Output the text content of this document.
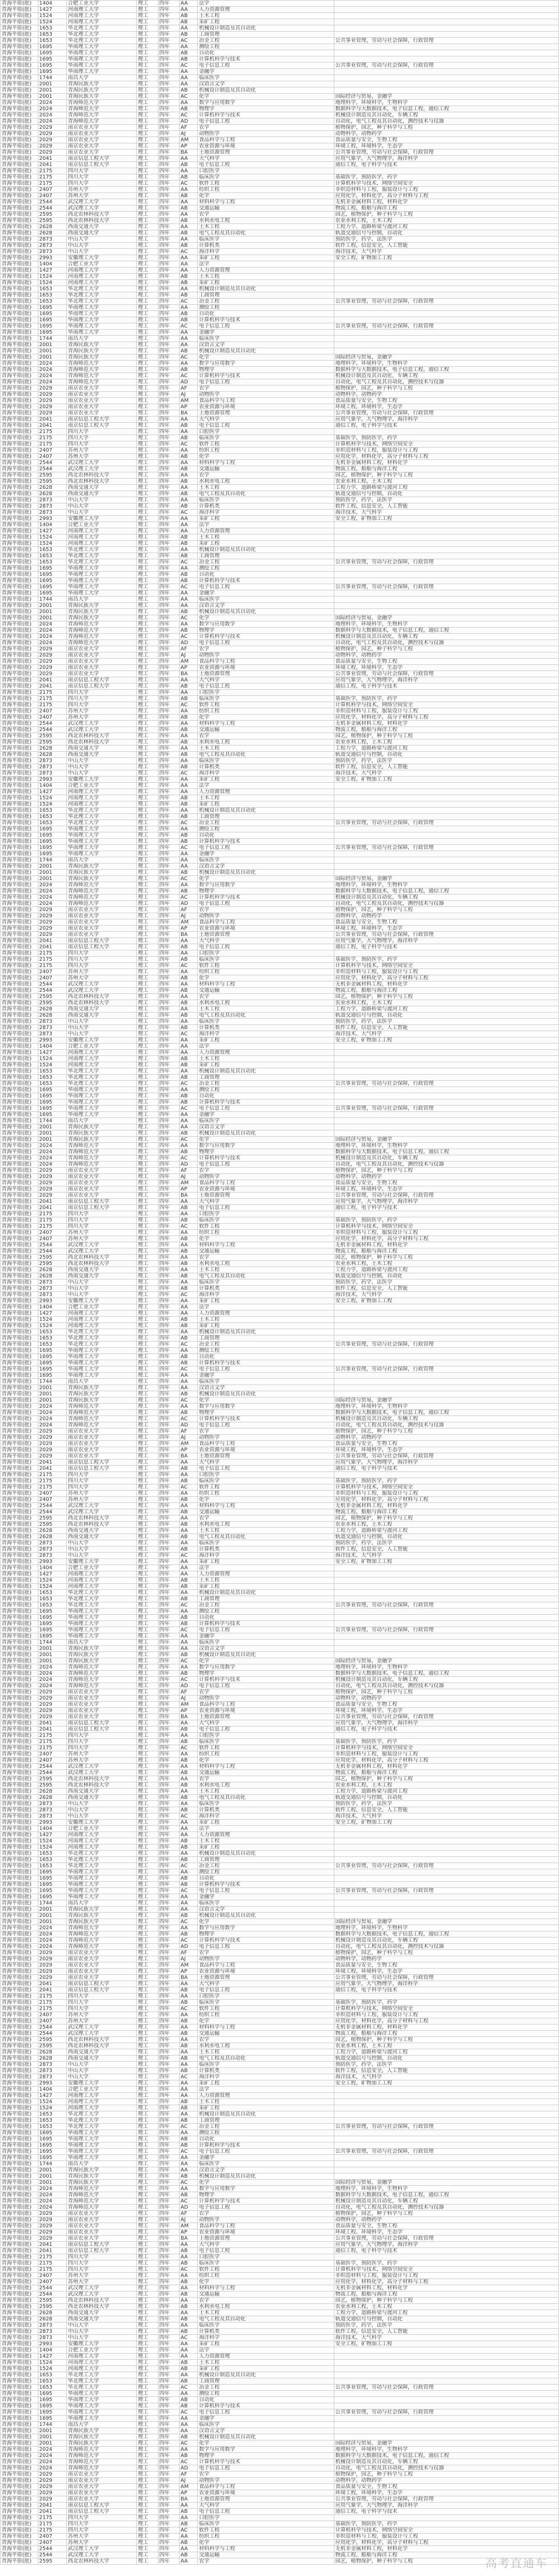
青海平原(批)	1404	合肥工业大学	理工	四年	AA	法学	
青海平原(批)	1427	河南理工大学	理工	四年	AA	人力资源管理	
青海平原(批)	1524	河南理工大学	理工	四年	AB	土木工程	
青海平原(批)	1524	河南理工大学	理工	四年	AB	采矿工程	
青海平原(批)	1653	华北理工大学	理工	四年	AA	机械设计制造及其自动化	
青海平原(批)	1653	华北理工大学	理工	四年	AB	工商管理	
青海平原(批)	1653	华北理工大学	理工	四年	AC	冶金工程	公共事业管理，劳动与社会保障，行政管理
青海平原(批)	1695	华南理工大学	理工	四年	AA	测绘工程	
青海平原(批)	1695	华南理工大学	理工	四年	AB	自动化	
青海平原(批)	1695	华南理工大学	理工	四年	AB	计算机科学与技术	
青海平原(批)	1695	华南理工大学	理工	四年	AC	电子信息工程	公共事业管理，劳动与社会保障，行政管理
青海平原(批)	1695	华南理工大学	理工	四年	AA	金融学	
青海平原(批)	1744	南昌大学	理工	四年	AA	临床医学	
青海平原(批)	2001	青海民族大学	理工	四年	AA	汉语言文学	
青海平原(批)	2001	青海民族大学	理工	四年	AB	机械设计制造及其自动化	
青海平原(批)	2001	青海民族大学	理工	四年	AC	化学	国际经济与贸易，金融学
青海平原(批)	2024	青海师范大学	理工	四年	AA	数学与应用数学	地理科学，环境科学，生物科学
青海平原(批)	2024	青海师范大学	理工	四年	AB	物理学	数据科学与大数据技术，电子信息工程，通信工程
青海平原(批)	2024	青海师范大学	理工	四年	AC	计算机科学与技术	机械设计制造及其自动化，车辆工程
青海平原(批)	2024	青海师范大学	理工	四年	AD	电子信息工程	自动化，电气工程及其自动化，测控技术与仪器
青海平原(批)	2029	南京农业大学	理工	四年	AF	农学	植物保护，园艺，种子科学与工程
青海平原(批)	2029	南京农业大学	理工	四年	AJ	动物医学	动物科学，动物药学
青海平原(批)	2029	南京农业大学	理工	四年	AM	食品科学与工程	食品质量与安全，生物工程
青海平原(批)	2029	南京农业大学	理工	四年	AP	农业资源与环境	环境工程，环境科学，生态学
青海平原(批)	2029	南京农业大学	理工	四年	BA	土地资源管理	公共事业管理，劳动与社会保障，行政管理
青海平原(批)	2041	南京信息工程大学	理工	四年	AA	大气科学	应用气象学，大气物理学，海洋科学
青海平原(批)	2041	南京信息工程大学	理工	四年	AB	电子信息工程	通信工程，电子科学与技术
青海平原(批)	2175	四川大学	理工	四年	AA	口腔医学	
青海平原(批)	2175	四川大学	理工	四年	AB	临床医学	基础医学，预防医学，药学
青海平原(批)	2175	四川大学	理工	四年	AC	软件工程	计算机科学与技术，网络空间安全
青海平原(批)	2407	苏州大学	理工	四年	AA	纺织工程	非织造材料与工程，服装设计与工程
青海平原(批)	2407	苏州大学	理工	四年	AB	化学	应用化学，材料化学，高分子材料与工程
青海平原(批)	2544	武汉理工大学	理工	四年	AA	材料科学与工程	无机非金属材料工程，材料化学
青海平原(批)	2544	武汉理工大学	理工	四年	AB	交通运输	物流工程，船舶与海洋工程
青海平原(批)	2595	西北农林科技大学	理工	四年	AA	农学	园艺，植物保护，种子科学与工程
青海平原(批)	2595	西北农林科技大学	理工	四年	AB	水利水电工程	农业水利工程，土木工程
青海平原(批)	2628	西南交通大学	理工	四年	AA	土木工程	工程力学，道路桥梁与渡河工程
青海平原(批)	2628	西南交通大学	理工	四年	AB	电气工程及其自动化	轨道交通信号与控制，自动化
青海平原(批)	2873	中山大学	理工	四年	AA	临床医学	预防医学，药学，法医学
青海平原(批)	2873	中山大学	理工	四年	AB	计算机类	软件工程，信息安全，人工智能
青海平原(批)	2873	中山大学	理工	四年	AC	海洋科学	海洋技术，大气科学
青海平原(批)	2993	安徽理工大学	理工	四年	AA	采矿工程	安全工程，矿物加工工程
青海平原(批)	1404	合肥工业大学	理工	四年	AA	法学	
青海平原(批)	1427	河南理工大学	理工	四年	AA	人力资源管理	
青海平原(批)	1524	河南理工大学	理工	四年	AB	土木工程	
青海平原(批)	1524	河南理工大学	理工	四年	AB	采矿工程	
青海平原(批)	1653	华北理工大学	理工	四年	AA	机械设计制造及其自动化	
青海平原(批)	1653	华北理工大学	理工	四年	AB	工商管理	
青海平原(批)	1653	华北理工大学	理工	四年	AC	冶金工程	公共事业管理，劳动与社会保障，行政管理
青海平原(批)	1695	华南理工大学	理工	四年	AA	测绘工程	
青海平原(批)	1695	华南理工大学	理工	四年	AB	自动化	
青海平原(批)	1695	华南理工大学	理工	四年	AB	计算机科学与技术	
青海平原(批)	1695	华南理工大学	理工	四年	AC	电子信息工程	公共事业管理，劳动与社会保障，行政管理
青海平原(批)	1695	华南理工大学	理工	四年	AA	金融学	
青海平原(批)	1744	南昌大学	理工	四年	AA	临床医学	
青海平原(批)	2001	青海民族大学	理工	四年	AA	汉语言文学	
青海平原(批)	2001	青海民族大学	理工	四年	AB	机械设计制造及其自动化	
青海平原(批)	2001	青海民族大学	理工	四年	AC	化学	国际经济与贸易，金融学
青海平原(批)	2024	青海师范大学	理工	四年	AA	数学与应用数学	地理科学，环境科学，生物科学
青海平原(批)	2024	青海师范大学	理工	四年	AB	物理学	数据科学与大数据技术，电子信息工程，通信工程
青海平原(批)	2024	青海师范大学	理工	四年	AC	计算机科学与技术	机械设计制造及其自动化，车辆工程
青海平原(批)	2024	青海师范大学	理工	四年	AD	电子信息工程	自动化，电气工程及其自动化，测控技术与仪器
青海平原(批)	2029	南京农业大学	理工	四年	AF	农学	植物保护，园艺，种子科学与工程
青海平原(批)	2029	南京农业大学	理工	四年	AJ	动物医学	动物科学，动物药学
青海平原(批)	2029	南京农业大学	理工	四年	AM	食品科学与工程	食品质量与安全，生物工程
青海平原(批)	2029	南京农业大学	理工	四年	AP	农业资源与环境	环境工程，环境科学，生态学
青海平原(批)	2029	南京农业大学	理工	四年	BA	土地资源管理	公共事业管理，劳动与社会保障，行政管理
青海平原(批)	2041	南京信息工程大学	理工	四年	AA	大气科学	应用气象学，大气物理学，海洋科学
青海平原(批)	2041	南京信息工程大学	理工	四年	AB	电子信息工程	通信工程，电子科学与技术
青海平原(批)	2175	四川大学	理工	四年	AA	口腔医学	
青海平原(批)	2175	四川大学	理工	四年	AB	临床医学	基础医学，预防医学，药学
青海平原(批)	2175	四川大学	理工	四年	AC	软件工程	计算机科学与技术，网络空间安全
青海平原(批)	2407	苏州大学	理工	四年	AA	纺织工程	非织造材料与工程，服装设计与工程
青海平原(批)	2407	苏州大学	理工	四年	AB	化学	应用化学，材料化学，高分子材料与工程
青海平原(批)	2544	武汉理工大学	理工	四年	AA	材料科学与工程	无机非金属材料工程，材料化学
青海平原(批)	2544	武汉理工大学	理工	四年	AB	交通运输	物流工程，船舶与海洋工程
青海平原(批)	2595	西北农林科技大学	理工	四年	AA	农学	园艺，植物保护，种子科学与工程
青海平原(批)	2595	西北农林科技大学	理工	四年	AB	水利水电工程	农业水利工程，土木工程
青海平原(批)	2628	西南交通大学	理工	四年	AA	土木工程	工程力学，道路桥梁与渡河工程
青海平原(批)	2628	西南交通大学	理工	四年	AB	电气工程及其自动化	轨道交通信号与控制，自动化
青海平原(批)	2873	中山大学	理工	四年	AA	临床医学	预防医学，药学，法医学
青海平原(批)	2873	中山大学	理工	四年	AB	计算机类	软件工程，信息安全，人工智能
青海平原(批)	2873	中山大学	理工	四年	AC	海洋科学	海洋技术，大气科学
青海平原(批)	2993	安徽理工大学	理工	四年	AA	采矿工程	安全工程，矿物加工工程
青海平原(批)	1404	合肥工业大学	理工	四年	AA	法学	
青海平原(批)	1427	河南理工大学	理工	四年	AA	人力资源管理	
青海平原(批)	1524	河南理工大学	理工	四年	AB	土木工程	
青海平原(批)	1524	河南理工大学	理工	四年	AB	采矿工程	
青海平原(批)	1653	华北理工大学	理工	四年	AA	机械设计制造及其自动化	
青海平原(批)	1653	华北理工大学	理工	四年	AB	工商管理	
青海平原(批)	1653	华北理工大学	理工	四年	AC	冶金工程	公共事业管理，劳动与社会保障，行政管理
青海平原(批)	1695	华南理工大学	理工	四年	AA	测绘工程	
青海平原(批)	1695	华南理工大学	理工	四年	AB	自动化	
青海平原(批)	1695	华南理工大学	理工	四年	AB	计算机科学与技术	
青海平原(批)	1695	华南理工大学	理工	四年	AC	电子信息工程	公共事业管理，劳动与社会保障，行政管理
青海平原(批)	1695	华南理工大学	理工	四年	AA	金融学	
青海平原(批)	1744	南昌大学	理工	四年	AA	临床医学	
青海平原(批)	2001	青海民族大学	理工	四年	AA	汉语言文学	
青海平原(批)	2001	青海民族大学	理工	四年	AB	机械设计制造及其自动化	
青海平原(批)	2001	青海民族大学	理工	四年	AC	化学	国际经济与贸易，金融学
青海平原(批)	2024	青海师范大学	理工	四年	AA	数学与应用数学	地理科学，环境科学，生物科学
青海平原(批)	2024	青海师范大学	理工	四年	AB	物理学	数据科学与大数据技术，电子信息工程，通信工程
青海平原(批)	2024	青海师范大学	理工	四年	AC	计算机科学与技术	机械设计制造及其自动化，车辆工程
青海平原(批)	2024	青海师范大学	理工	四年	AD	电子信息工程	自动化，电气工程及其自动化，测控技术与仪器
青海平原(批)	2029	南京农业大学	理工	四年	AF	农学	植物保护，园艺，种子科学与工程
青海平原(批)	2029	南京农业大学	理工	四年	AJ	动物医学	动物科学，动物药学
青海平原(批)	2029	南京农业大学	理工	四年	AM	食品科学与工程	食品质量与安全，生物工程
青海平原(批)	2029	南京农业大学	理工	四年	AP	农业资源与环境	环境工程，环境科学，生态学
青海平原(批)	2029	南京农业大学	理工	四年	BA	土地资源管理	公共事业管理，劳动与社会保障，行政管理
青海平原(批)	2041	南京信息工程大学	理工	四年	AA	大气科学	应用气象学，大气物理学，海洋科学
青海平原(批)	2041	南京信息工程大学	理工	四年	AB	电子信息工程	通信工程，电子科学与技术
青海平原(批)	2175	四川大学	理工	四年	AA	口腔医学	
青海平原(批)	2175	四川大学	理工	四年	AB	临床医学	基础医学，预防医学，药学
青海平原(批)	2175	四川大学	理工	四年	AC	软件工程	计算机科学与技术，网络空间安全
青海平原(批)	2407	苏州大学	理工	四年	AA	纺织工程	非织造材料与工程，服装设计与工程
青海平原(批)	2407	苏州大学	理工	四年	AB	化学	应用化学，材料化学，高分子材料与工程
青海平原(批)	2544	武汉理工大学	理工	四年	AA	材料科学与工程	无机非金属材料工程，材料化学
青海平原(批)	2544	武汉理工大学	理工	四年	AB	交通运输	物流工程，船舶与海洋工程
青海平原(批)	2595	西北农林科技大学	理工	四年	AA	农学	园艺，植物保护，种子科学与工程
青海平原(批)	2595	西北农林科技大学	理工	四年	AB	水利水电工程	农业水利工程，土木工程
青海平原(批)	2628	西南交通大学	理工	四年	AA	土木工程	工程力学，道路桥梁与渡河工程
青海平原(批)	2628	西南交通大学	理工	四年	AB	电气工程及其自动化	轨道交通信号与控制，自动化
青海平原(批)	2873	中山大学	理工	四年	AA	临床医学	预防医学，药学，法医学
青海平原(批)	2873	中山大学	理工	四年	AB	计算机类	软件工程，信息安全，人工智能
青海平原(批)	2873	中山大学	理工	四年	AC	海洋科学	海洋技术，大气科学
青海平原(批)	2993	安徽理工大学	理工	四年	AA	采矿工程	安全工程，矿物加工工程
青海平原(批)	1404	合肥工业大学	理工	四年	AA	法学	
青海平原(批)	1427	河南理工大学	理工	四年	AA	人力资源管理	
青海平原(批)	1524	河南理工大学	理工	四年	AB	土木工程	
青海平原(批)	1524	河南理工大学	理工	四年	AB	采矿工程	
青海平原(批)	1653	华北理工大学	理工	四年	AA	机械设计制造及其自动化	
青海平原(批)	1653	华北理工大学	理工	四年	AB	工商管理	
青海平原(批)	1653	华北理工大学	理工	四年	AC	冶金工程	公共事业管理，劳动与社会保障，行政管理
青海平原(批)	1695	华南理工大学	理工	四年	AA	测绘工程	
青海平原(批)	1695	华南理工大学	理工	四年	AB	自动化	
青海平原(批)	1695	华南理工大学	理工	四年	AB	计算机科学与技术	
青海平原(批)	1695	华南理工大学	理工	四年	AC	电子信息工程	公共事业管理，劳动与社会保障，行政管理
青海平原(批)	1695	华南理工大学	理工	四年	AA	金融学	
青海平原(批)	1744	南昌大学	理工	四年	AA	临床医学	
青海平原(批)	2001	青海民族大学	理工	四年	AA	汉语言文学	
青海平原(批)	2001	青海民族大学	理工	四年	AB	机械设计制造及其自动化	
青海平原(批)	2001	青海民族大学	理工	四年	AC	化学	国际经济与贸易，金融学
青海平原(批)	2024	青海师范大学	理工	四年	AA	数学与应用数学	地理科学，环境科学，生物科学
青海平原(批)	2024	青海师范大学	理工	四年	AB	物理学	数据科学与大数据技术，电子信息工程，通信工程
青海平原(批)	2024	青海师范大学	理工	四年	AC	计算机科学与技术	机械设计制造及其自动化，车辆工程
青海平原(批)	2024	青海师范大学	理工	四年	AD	电子信息工程	自动化，电气工程及其自动化，测控技术与仪器
青海平原(批)	2029	南京农业大学	理工	四年	AF	农学	植物保护，园艺，种子科学与工程
青海平原(批)	2029	南京农业大学	理工	四年	AJ	动物医学	动物科学，动物药学
青海平原(批)	2029	南京农业大学	理工	四年	AM	食品科学与工程	食品质量与安全，生物工程
青海平原(批)	2029	南京农业大学	理工	四年	AP	农业资源与环境	环境工程，环境科学，生态学
青海平原(批)	2029	南京农业大学	理工	四年	BA	土地资源管理	公共事业管理，劳动与社会保障，行政管理
青海平原(批)	2041	南京信息工程大学	理工	四年	AA	大气科学	应用气象学，大气物理学，海洋科学
青海平原(批)	2041	南京信息工程大学	理工	四年	AB	电子信息工程	通信工程，电子科学与技术
青海平原(批)	2175	四川大学	理工	四年	AA	口腔医学	
青海平原(批)	2175	四川大学	理工	四年	AB	临床医学	基础医学，预防医学，药学
青海平原(批)	2175	四川大学	理工	四年	AC	软件工程	计算机科学与技术，网络空间安全
青海平原(批)	2407	苏州大学	理工	四年	AA	纺织工程	非织造材料与工程，服装设计与工程
青海平原(批)	2407	苏州大学	理工	四年	AB	化学	应用化学，材料化学，高分子材料与工程
青海平原(批)	2544	武汉理工大学	理工	四年	AA	材料科学与工程	无机非金属材料工程，材料化学
青海平原(批)	2544	武汉理工大学	理工	四年	AB	交通运输	物流工程，船舶与海洋工程
青海平原(批)	2595	西北农林科技大学	理工	四年	AA	农学	园艺，植物保护，种子科学与工程
青海平原(批)	2595	西北农林科技大学	理工	四年	AB	水利水电工程	农业水利工程，土木工程
青海平原(批)	2628	西南交通大学	理工	四年	AA	土木工程	工程力学，道路桥梁与渡河工程
青海平原(批)	2628	西南交通大学	理工	四年	AB	电气工程及其自动化	轨道交通信号与控制，自动化
青海平原(批)	2873	中山大学	理工	四年	AA	临床医学	预防医学，药学，法医学
青海平原(批)	2873	中山大学	理工	四年	AB	计算机类	软件工程，信息安全，人工智能
青海平原(批)	2873	中山大学	理工	四年	AC	海洋科学	海洋技术，大气科学
青海平原(批)	2993	安徽理工大学	理工	四年	AA	采矿工程	安全工程，矿物加工工程
青海平原(批)	1404	合肥工业大学	理工	四年	AA	法学	
青海平原(批)	1427	河南理工大学	理工	四年	AA	人力资源管理	
青海平原(批)	1524	河南理工大学	理工	四年	AB	土木工程	
青海平原(批)	1524	河南理工大学	理工	四年	AB	采矿工程	
青海平原(批)	1653	华北理工大学	理工	四年	AA	机械设计制造及其自动化	
青海平原(批)	1653	华北理工大学	理工	四年	AB	工商管理	
青海平原(批)	1653	华北理工大学	理工	四年	AC	冶金工程	公共事业管理，劳动与社会保障，行政管理
青海平原(批)	1695	华南理工大学	理工	四年	AA	测绘工程	
青海平原(批)	1695	华南理工大学	理工	四年	AB	自动化	
青海平原(批)	1695	华南理工大学	理工	四年	AB	计算机科学与技术	
青海平原(批)	1695	华南理工大学	理工	四年	AC	电子信息工程	公共事业管理，劳动与社会保障，行政管理
青海平原(批)	1695	华南理工大学	理工	四年	AA	金融学	
青海平原(批)	1744	南昌大学	理工	四年	AA	临床医学	
青海平原(批)	2001	青海民族大学	理工	四年	AA	汉语言文学	
青海平原(批)	2001	青海民族大学	理工	四年	AB	机械设计制造及其自动化	
青海平原(批)	2001	青海民族大学	理工	四年	AC	化学	国际经济与贸易，金融学
青海平原(批)	2024	青海师范大学	理工	四年	AA	数学与应用数学	地理科学，环境科学，生物科学
青海平原(批)	2024	青海师范大学	理工	四年	AB	物理学	数据科学与大数据技术，电子信息工程，通信工程
青海平原(批)	2024	青海师范大学	理工	四年	AC	计算机科学与技术	机械设计制造及其自动化，车辆工程
青海平原(批)	2024	青海师范大学	理工	四年	AD	电子信息工程	自动化，电气工程及其自动化，测控技术与仪器
青海平原(批)	2029	南京农业大学	理工	四年	AF	农学	植物保护，园艺，种子科学与工程
青海平原(批)	2029	南京农业大学	理工	四年	AJ	动物医学	动物科学，动物药学
青海平原(批)	2029	南京农业大学	理工	四年	AM	食品科学与工程	食品质量与安全，生物工程
青海平原(批)	2029	南京农业大学	理工	四年	AP	农业资源与环境	环境工程，环境科学，生态学
青海平原(批)	2029	南京农业大学	理工	四年	BA	土地资源管理	公共事业管理，劳动与社会保障，行政管理
青海平原(批)	2041	南京信息工程大学	理工	四年	AA	大气科学	应用气象学，大气物理学，海洋科学
青海平原(批)	2041	南京信息工程大学	理工	四年	AB	电子信息工程	通信工程，电子科学与技术
青海平原(批)	2175	四川大学	理工	四年	AA	口腔医学	
青海平原(批)	2175	四川大学	理工	四年	AB	临床医学	基础医学，预防医学，药学
青海平原(批)	2175	四川大学	理工	四年	AC	软件工程	计算机科学与技术，网络空间安全
青海平原(批)	2407	苏州大学	理工	四年	AA	纺织工程	非织造材料与工程，服装设计与工程
青海平原(批)	2407	苏州大学	理工	四年	AB	化学	应用化学，材料化学，高分子材料与工程
青海平原(批)	2544	武汉理工大学	理工	四年	AA	材料科学与工程	无机非金属材料工程，材料化学
青海平原(批)	2544	武汉理工大学	理工	四年	AB	交通运输	物流工程，船舶与海洋工程
青海平原(批)	2595	西北农林科技大学	理工	四年	AA	农学	园艺，植物保护，种子科学与工程
青海平原(批)	2595	西北农林科技大学	理工	四年	AB	水利水电工程	农业水利工程，土木工程
青海平原(批)	2628	西南交通大学	理工	四年	AA	土木工程	工程力学，道路桥梁与渡河工程
青海平原(批)	2628	西南交通大学	理工	四年	AB	电气工程及其自动化	轨道交通信号与控制，自动化
青海平原(批)	2873	中山大学	理工	四年	AA	临床医学	预防医学，药学，法医学
青海平原(批)	2873	中山大学	理工	四年	AB	计算机类	软件工程，信息安全，人工智能
青海平原(批)	2873	中山大学	理工	四年	AC	海洋科学	海洋技术，大气科学
青海平原(批)	2993	安徽理工大学	理工	四年	AA	采矿工程	安全工程，矿物加工工程
青海平原(批)	1404	合肥工业大学	理工	四年	AA	法学	
青海平原(批)	1427	河南理工大学	理工	四年	AA	人力资源管理	
青海平原(批)	1524	河南理工大学	理工	四年	AB	土木工程	
青海平原(批)	1524	河南理工大学	理工	四年	AB	采矿工程	
青海平原(批)	1653	华北理工大学	理工	四年	AA	机械设计制造及其自动化	
青海平原(批)	1653	华北理工大学	理工	四年	AB	工商管理	
青海平原(批)	1653	华北理工大学	理工	四年	AC	冶金工程	公共事业管理，劳动与社会保障，行政管理
青海平原(批)	1695	华南理工大学	理工	四年	AA	测绘工程	
青海平原(批)	1695	华南理工大学	理工	四年	AB	自动化	
青海平原(批)	1695	华南理工大学	理工	四年	AB	计算机科学与技术	
青海平原(批)	1695	华南理工大学	理工	四年	AC	电子信息工程	公共事业管理，劳动与社会保障，行政管理
青海平原(批)	1695	华南理工大学	理工	四年	AA	金融学	
青海平原(批)	1744	南昌大学	理工	四年	AA	临床医学	
青海平原(批)	2001	青海民族大学	理工	四年	AA	汉语言文学	
青海平原(批)	2001	青海民族大学	理工	四年	AB	机械设计制造及其自动化	
青海平原(批)	2001	青海民族大学	理工	四年	AC	化学	国际经济与贸易，金融学
青海平原(批)	2024	青海师范大学	理工	四年	AA	数学与应用数学	地理科学，环境科学，生物科学
青海平原(批)	2024	青海师范大学	理工	四年	AB	物理学	数据科学与大数据技术，电子信息工程，通信工程
青海平原(批)	2024	青海师范大学	理工	四年	AC	计算机科学与技术	机械设计制造及其自动化，车辆工程
青海平原(批)	2024	青海师范大学	理工	四年	AD	电子信息工程	自动化，电气工程及其自动化，测控技术与仪器
青海平原(批)	2029	南京农业大学	理工	四年	AF	农学	植物保护，园艺，种子科学与工程
青海平原(批)	2029	南京农业大学	理工	四年	AJ	动物医学	动物科学，动物药学
青海平原(批)	2029	南京农业大学	理工	四年	AM	食品科学与工程	食品质量与安全，生物工程
青海平原(批)	2029	南京农业大学	理工	四年	AP	农业资源与环境	环境工程，环境科学，生态学
青海平原(批)	2029	南京农业大学	理工	四年	BA	土地资源管理	公共事业管理，劳动与社会保障，行政管理
青海平原(批)	2041	南京信息工程大学	理工	四年	AA	大气科学	应用气象学，大气物理学，海洋科学
青海平原(批)	2041	南京信息工程大学	理工	四年	AB	电子信息工程	通信工程，电子科学与技术
青海平原(批)	2175	四川大学	理工	四年	AA	口腔医学	
青海平原(批)	2175	四川大学	理工	四年	AB	临床医学	基础医学，预防医学，药学
青海平原(批)	2175	四川大学	理工	四年	AC	软件工程	计算机科学与技术，网络空间安全
青海平原(批)	2407	苏州大学	理工	四年	AA	纺织工程	非织造材料与工程，服装设计与工程
青海平原(批)	2407	苏州大学	理工	四年	AB	化学	应用化学，材料化学，高分子材料与工程
青海平原(批)	2544	武汉理工大学	理工	四年	AA	材料科学与工程	无机非金属材料工程，材料化学
青海平原(批)	2544	武汉理工大学	理工	四年	AB	交通运输	物流工程，船舶与海洋工程
青海平原(批)	2595	西北农林科技大学	理工	四年	AA	农学	园艺，植物保护，种子科学与工程
青海平原(批)	2595	西北农林科技大学	理工	四年	AB	水利水电工程	农业水利工程，土木工程
青海平原(批)	2628	西南交通大学	理工	四年	AA	土木工程	工程力学，道路桥梁与渡河工程
青海平原(批)	2628	西南交通大学	理工	四年	AB	电气工程及其自动化	轨道交通信号与控制，自动化
青海平原(批)	2873	中山大学	理工	四年	AA	临床医学	预防医学，药学，法医学
青海平原(批)	2873	中山大学	理工	四年	AB	计算机类	软件工程，信息安全，人工智能
青海平原(批)	2873	中山大学	理工	四年	AC	海洋科学	海洋技术，大气科学
青海平原(批)	2993	安徽理工大学	理工	四年	AA	采矿工程	安全工程，矿物加工工程
青海平原(批)	1404	合肥工业大学	理工	四年	AA	法学	
青海平原(批)	1427	河南理工大学	理工	四年	AA	人力资源管理	
青海平原(批)	1524	河南理工大学	理工	四年	AB	土木工程	
青海平原(批)	1524	河南理工大学	理工	四年	AB	采矿工程	
青海平原(批)	1653	华北理工大学	理工	四年	AA	机械设计制造及其自动化	
青海平原(批)	1653	华北理工大学	理工	四年	AB	工商管理	
青海平原(批)	1653	华北理工大学	理工	四年	AC	冶金工程	公共事业管理，劳动与社会保障，行政管理
青海平原(批)	1695	华南理工大学	理工	四年	AA	测绘工程	
青海平原(批)	1695	华南理工大学	理工	四年	AB	自动化	
青海平原(批)	1695	华南理工大学	理工	四年	AB	计算机科学与技术	
青海平原(批)	1695	华南理工大学	理工	四年	AC	电子信息工程	公共事业管理，劳动与社会保障，行政管理
青海平原(批)	1695	华南理工大学	理工	四年	AA	金融学	
青海平原(批)	1744	南昌大学	理工	四年	AA	临床医学	
青海平原(批)	2001	青海民族大学	理工	四年	AA	汉语言文学	
青海平原(批)	2001	青海民族大学	理工	四年	AB	机械设计制造及其自动化	
青海平原(批)	2001	青海民族大学	理工	四年	AC	化学	国际经济与贸易，金融学
青海平原(批)	2024	青海师范大学	理工	四年	AA	数学与应用数学	地理科学，环境科学，生物科学
青海平原(批)	2024	青海师范大学	理工	四年	AB	物理学	数据科学与大数据技术，电子信息工程，通信工程
青海平原(批)	2024	青海师范大学	理工	四年	AC	计算机科学与技术	机械设计制造及其自动化，车辆工程
青海平原(批)	2024	青海师范大学	理工	四年	AD	电子信息工程	自动化，电气工程及其自动化，测控技术与仪器
青海平原(批)	2029	南京农业大学	理工	四年	AF	农学	植物保护，园艺，种子科学与工程
青海平原(批)	2029	南京农业大学	理工	四年	AJ	动物医学	动物科学，动物药学
青海平原(批)	2029	南京农业大学	理工	四年	AM	食品科学与工程	食品质量与安全，生物工程
青海平原(批)	2029	南京农业大学	理工	四年	AP	农业资源与环境	环境工程，环境科学，生态学
青海平原(批)	2029	南京农业大学	理工	四年	BA	土地资源管理	公共事业管理，劳动与社会保障，行政管理
青海平原(批)	2041	南京信息工程大学	理工	四年	AA	大气科学	应用气象学，大气物理学，海洋科学
青海平原(批)	2041	南京信息工程大学	理工	四年	AB	电子信息工程	通信工程，电子科学与技术
青海平原(批)	2175	四川大学	理工	四年	AA	口腔医学	
青海平原(批)	2175	四川大学	理工	四年	AB	临床医学	基础医学，预防医学，药学
青海平原(批)	2175	四川大学	理工	四年	AC	软件工程	计算机科学与技术，网络空间安全
青海平原(批)	2407	苏州大学	理工	四年	AA	纺织工程	非织造材料与工程，服装设计与工程
青海平原(批)	2407	苏州大学	理工	四年	AB	化学	应用化学，材料化学，高分子材料与工程
青海平原(批)	2544	武汉理工大学	理工	四年	AA	材料科学与工程	无机非金属材料工程，材料化学
青海平原(批)	2544	武汉理工大学	理工	四年	AB	交通运输	物流工程，船舶与海洋工程
青海平原(批)	2595	西北农林科技大学	理工	四年	AA	农学	园艺，植物保护，种子科学与工程
青海平原(批)	2595	西北农林科技大学	理工	四年	AB	水利水电工程	农业水利工程，土木工程
青海平原(批)	2628	西南交通大学	理工	四年	AA	土木工程	工程力学，道路桥梁与渡河工程
青海平原(批)	2628	西南交通大学	理工	四年	AB	电气工程及其自动化	轨道交通信号与控制，自动化
青海平原(批)	2873	中山大学	理工	四年	AA	临床医学	预防医学，药学，法医学
青海平原(批)	2873	中山大学	理工	四年	AB	计算机类	软件工程，信息安全，人工智能
青海平原(批)	2873	中山大学	理工	四年	AC	海洋科学	海洋技术，大气科学
青海平原(批)	2993	安徽理工大学	理工	四年	AA	采矿工程	安全工程，矿物加工工程
青海平原(批)	1404	合肥工业大学	理工	四年	AA	法学	
青海平原(批)	1427	河南理工大学	理工	四年	AA	人力资源管理	
青海平原(批)	1524	河南理工大学	理工	四年	AB	土木工程	
青海平原(批)	1524	河南理工大学	理工	四年	AB	采矿工程	
青海平原(批)	1653	华北理工大学	理工	四年	AA	机械设计制造及其自动化	
青海平原(批)	1653	华北理工大学	理工	四年	AB	工商管理	
青海平原(批)	1653	华北理工大学	理工	四年	AC	冶金工程	公共事业管理，劳动与社会保障，行政管理
青海平原(批)	1695	华南理工大学	理工	四年	AA	测绘工程	
青海平原(批)	1695	华南理工大学	理工	四年	AB	自动化	
青海平原(批)	1695	华南理工大学	理工	四年	AB	计算机科学与技术	
青海平原(批)	1695	华南理工大学	理工	四年	AC	电子信息工程	公共事业管理，劳动与社会保障，行政管理
青海平原(批)	1695	华南理工大学	理工	四年	AA	金融学	
青海平原(批)	1744	南昌大学	理工	四年	AA	临床医学	
青海平原(批)	2001	青海民族大学	理工	四年	AA	汉语言文学	
青海平原(批)	2001	青海民族大学	理工	四年	AB	机械设计制造及其自动化	
青海平原(批)	2001	青海民族大学	理工	四年	AC	化学	国际经济与贸易，金融学
青海平原(批)	2024	青海师范大学	理工	四年	AA	数学与应用数学	地理科学，环境科学，生物科学
青海平原(批)	2024	青海师范大学	理工	四年	AB	物理学	数据科学与大数据技术，电子信息工程，通信工程
青海平原(批)	2024	青海师范大学	理工	四年	AC	计算机科学与技术	机械设计制造及其自动化，车辆工程
青海平原(批)	2024	青海师范大学	理工	四年	AD	电子信息工程	自动化，电气工程及其自动化，测控技术与仪器
青海平原(批)	2029	南京农业大学	理工	四年	AF	农学	植物保护，园艺，种子科学与工程
青海平原(批)	2029	南京农业大学	理工	四年	AJ	动物医学	动物科学，动物药学
青海平原(批)	2029	南京农业大学	理工	四年	AM	食品科学与工程	食品质量与安全，生物工程
青海平原(批)	2029	南京农业大学	理工	四年	AP	农业资源与环境	环境工程，环境科学，生态学
青海平原(批)	2029	南京农业大学	理工	四年	BA	土地资源管理	公共事业管理，劳动与社会保障，行政管理
青海平原(批)	2041	南京信息工程大学	理工	四年	AA	大气科学	应用气象学，大气物理学，海洋科学
青海平原(批)	2041	南京信息工程大学	理工	四年	AB	电子信息工程	通信工程，电子科学与技术
青海平原(批)	2175	四川大学	理工	四年	AA	口腔医学	
青海平原(批)	2175	四川大学	理工	四年	AB	临床医学	基础医学，预防医学，药学
青海平原(批)	2175	四川大学	理工	四年	AC	软件工程	计算机科学与技术，网络空间安全
青海平原(批)	2407	苏州大学	理工	四年	AA	纺织工程	非织造材料与工程，服装设计与工程
青海平原(批)	2407	苏州大学	理工	四年	AB	化学	应用化学，材料化学，高分子材料与工程
青海平原(批)	2544	武汉理工大学	理工	四年	AA	材料科学与工程	无机非金属材料工程，材料化学
青海平原(批)	2544	武汉理工大学	理工	四年	AB	交通运输	物流工程，船舶与海洋工程
青海平原(批)	2595	西北农林科技大学	理工	四年	AA	农学	园艺，植物保护，种子科学与工程
青海平原(批)	2595	西北农林科技大学	理工	四年	AB	水利水电工程	农业水利工程，土木工程
青海平原(批)	2628	西南交通大学	理工	四年	AA	土木工程	工程力学，道路桥梁与渡河工程
青海平原(批)	2628	西南交通大学	理工	四年	AB	电气工程及其自动化	轨道交通信号与控制，自动化
青海平原(批)	2873	中山大学	理工	四年	AA	临床医学	预防医学，药学，法医学
青海平原(批)	2873	中山大学	理工	四年	AB	计算机类	软件工程，信息安全，人工智能
青海平原(批)	2873	中山大学	理工	四年	AC	海洋科学	海洋技术，大气科学
青海平原(批)	2993	安徽理工大学	理工	四年	AA	采矿工程	安全工程，矿物加工工程
青海平原(批)	1404	合肥工业大学	理工	四年	AA	法学	
青海平原(批)	1427	河南理工大学	理工	四年	AA	人力资源管理	
青海平原(批)	1524	河南理工大学	理工	四年	AB	土木工程	
青海平原(批)	1524	河南理工大学	理工	四年	AB	采矿工程	
青海平原(批)	1653	华北理工大学	理工	四年	AA	机械设计制造及其自动化	
青海平原(批)	1653	华北理工大学	理工	四年	AB	工商管理	
青海平原(批)	1653	华北理工大学	理工	四年	AC	冶金工程	公共事业管理，劳动与社会保障，行政管理
青海平原(批)	1695	华南理工大学	理工	四年	AA	测绘工程	
青海平原(批)	1695	华南理工大学	理工	四年	AB	自动化	
青海平原(批)	1695	华南理工大学	理工	四年	AB	计算机科学与技术	
青海平原(批)	1695	华南理工大学	理工	四年	AC	电子信息工程	公共事业管理，劳动与社会保障，行政管理
青海平原(批)	1695	华南理工大学	理工	四年	AA	金融学	
青海平原(批)	1744	南昌大学	理工	四年	AA	临床医学	
青海平原(批)	2001	青海民族大学	理工	四年	AA	汉语言文学	
青海平原(批)	2001	青海民族大学	理工	四年	AB	机械设计制造及其自动化	
青海平原(批)	2001	青海民族大学	理工	四年	AC	化学	国际经济与贸易，金融学
青海平原(批)	2024	青海师范大学	理工	四年	AA	数学与应用数学	地理科学，环境科学，生物科学
青海平原(批)	2024	青海师范大学	理工	四年	AB	物理学	数据科学与大数据技术，电子信息工程，通信工程
青海平原(批)	2024	青海师范大学	理工	四年	AC	计算机科学与技术	机械设计制造及其自动化，车辆工程
青海平原(批)	2024	青海师范大学	理工	四年	AD	电子信息工程	自动化，电气工程及其自动化，测控技术与仪器
青海平原(批)	2029	南京农业大学	理工	四年	AF	农学	植物保护，园艺，种子科学与工程
青海平原(批)	2029	南京农业大学	理工	四年	AJ	动物医学	动物科学，动物药学
青海平原(批)	2029	南京农业大学	理工	四年	AM	食品科学与工程	食品质量与安全，生物工程
青海平原(批)	2029	南京农业大学	理工	四年	AP	农业资源与环境	环境工程，环境科学，生态学
青海平原(批)	2029	南京农业大学	理工	四年	BA	土地资源管理	公共事业管理，劳动与社会保障，行政管理
青海平原(批)	2041	南京信息工程大学	理工	四年	AA	大气科学	应用气象学，大气物理学，海洋科学
青海平原(批)	2041	南京信息工程大学	理工	四年	AB	电子信息工程	通信工程，电子科学与技术
青海平原(批)	2175	四川大学	理工	四年	AA	口腔医学	
青海平原(批)	2175	四川大学	理工	四年	AB	临床医学	基础医学，预防医学，药学
青海平原(批)	2175	四川大学	理工	四年	AC	软件工程	计算机科学与技术，网络空间安全
青海平原(批)	2407	苏州大学	理工	四年	AA	纺织工程	非织造材料与工程，服装设计与工程
青海平原(批)	2407	苏州大学	理工	四年	AB	化学	应用化学，材料化学，高分子材料与工程
青海平原(批)	2544	武汉理工大学	理工	四年	AA	材料科学与工程	无机非金属材料工程，材料化学
青海平原(批)	2544	武汉理工大学	理工	四年	AB	交通运输	物流工程，船舶与海洋工程
青海平原(批)	2595	西北农林科技大学	理工	四年	AA	农学	园艺，植物保护，种子科学与工程
青海平原(批)	2595	西北农林科技大学	理工	四年	AB	水利水电工程	农业水利工程，土木工程
青海平原(批)	2628	西南交通大学	理工	四年	AA	土木工程	工程力学，道路桥梁与渡河工程
青海平原(批)	2628	西南交通大学	理工	四年	AB	电气工程及其自动化	轨道交通信号与控制，自动化
青海平原(批)	2873	中山大学	理工	四年	AA	临床医学	预防医学，药学，法医学
青海平原(批)	2873	中山大学	理工	四年	AB	计算机类	软件工程，信息安全，人工智能
青海平原(批)	2873	中山大学	理工	四年	AC	海洋科学	海洋技术，大气科学
青海平原(批)	2993	安徽理工大学	理工	四年	AA	采矿工程	安全工程，矿物加工工程
青海平原(批)	1404	合肥工业大学	理工	四年	AA	法学	
青海平原(批)	1427	河南理工大学	理工	四年	AA	人力资源管理	
青海平原(批)	1524	河南理工大学	理工	四年	AB	土木工程	
青海平原(批)	1524	河南理工大学	理工	四年	AB	采矿工程	
青海平原(批)	1653	华北理工大学	理工	四年	AA	机械设计制造及其自动化	
青海平原(批)	1653	华北理工大学	理工	四年	AB	工商管理	
青海平原(批)	1653	华北理工大学	理工	四年	AC	冶金工程	公共事业管理，劳动与社会保障，行政管理
青海平原(批)	1695	华南理工大学	理工	四年	AA	测绘工程	
青海平原(批)	1695	华南理工大学	理工	四年	AB	自动化	
青海平原(批)	1695	华南理工大学	理工	四年	AB	计算机科学与技术	
青海平原(批)	1695	华南理工大学	理工	四年	AC	电子信息工程	公共事业管理，劳动与社会保障，行政管理
青海平原(批)	1695	华南理工大学	理工	四年	AA	金融学	
青海平原(批)	1744	南昌大学	理工	四年	AA	临床医学	
青海平原(批)	2001	青海民族大学	理工	四年	AA	汉语言文学	
青海平原(批)	2001	青海民族大学	理工	四年	AB	机械设计制造及其自动化	
青海平原(批)	2001	青海民族大学	理工	四年	AC	化学	国际经济与贸易，金融学
青海平原(批)	2024	青海师范大学	理工	四年	AA	数学与应用数学	地理科学，环境科学，生物科学
青海平原(批)	2024	青海师范大学	理工	四年	AB	物理学	数据科学与大数据技术，电子信息工程，通信工程
青海平原(批)	2024	青海师范大学	理工	四年	AC	计算机科学与技术	机械设计制造及其自动化，车辆工程
青海平原(批)	2024	青海师范大学	理工	四年	AD	电子信息工程	自动化，电气工程及其自动化，测控技术与仪器
青海平原(批)	2029	南京农业大学	理工	四年	AF	农学	植物保护，园艺，种子科学与工程
青海平原(批)	2029	南京农业大学	理工	四年	AJ	动物医学	动物科学，动物药学
青海平原(批)	2029	南京农业大学	理工	四年	AM	食品科学与工程	食品质量与安全，生物工程
青海平原(批)	2029	南京农业大学	理工	四年	AP	农业资源与环境	环境工程，环境科学，生态学
青海平原(批)	2029	南京农业大学	理工	四年	BA	土地资源管理	公共事业管理，劳动与社会保障，行政管理
青海平原(批)	2041	南京信息工程大学	理工	四年	AA	大气科学	应用气象学，大气物理学，海洋科学
青海平原(批)	2041	南京信息工程大学	理工	四年	AB	电子信息工程	通信工程，电子科学与技术
青海平原(批)	2175	四川大学	理工	四年	AA	口腔医学	
青海平原(批)	2175	四川大学	理工	四年	AB	临床医学	基础医学，预防医学，药学
青海平原(批)	2175	四川大学	理工	四年	AC	软件工程	计算机科学与技术，网络空间安全
青海平原(批)	2407	苏州大学	理工	四年	AA	纺织工程	非织造材料与工程，服装设计与工程
青海平原(批)	2407	苏州大学	理工	四年	AB	化学	应用化学，材料化学，高分子材料与工程
青海平原(批)	2544	武汉理工大学	理工	四年	AA	材料科学与工程	无机非金属材料工程，材料化学
青海平原(批)	2544	武汉理工大学	理工	四年	AB	交通运输	物流工程，船舶与海洋工程
青海平原(批)	2595	西北农林科技大学	理工	四年	AA	农学	园艺，植物保护，种子科学与工程	高考直通车
